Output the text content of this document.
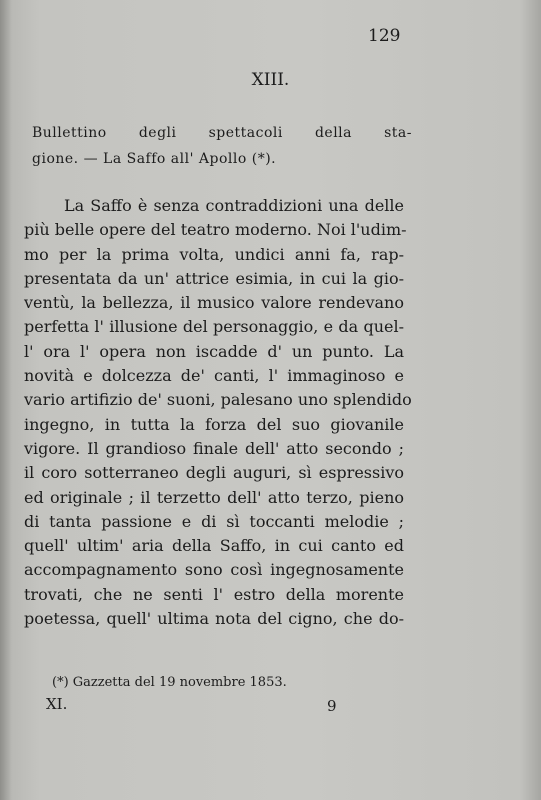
129
XIII.
Bullettino degli spettacoli della sta-
gione. — La Saffo all' Apollo (*).
La Saffo è senza contraddizioni una delle
più belle opere del teatro moderno. Noi l'udim-
mo per la prima volta, undici anni fa, rap-
presentata da un' attrice esimia, in cui la gio-
ventù, la bellezza, il musico valore rendevano
perfetta l' illusione del personaggio, e da quel-
l' ora l' opera non iscadde d' un punto. La
novità e dolcezza de' canti, l' immaginoso e
vario artifizio de' suoni, palesano uno splendido
ingegno, in tutta la forza del suo giovanile
vigore. Il grandioso finale dell' atto secondo ;
il coro sotterraneo degli auguri, sì espressivo
ed originale ; il terzetto dell' atto terzo, pieno
di tanta passione e di sì toccanti melodie ;
quell' ultim' aria della Saffo, in cui canto ed
accompagnamento sono così ingegnosamente
trovati, che ne senti l' estro della morente
poetessa, quell' ultima nota del cigno, che do-
(*) Gazzetta del 19 novembre 1853.
XI.	9
